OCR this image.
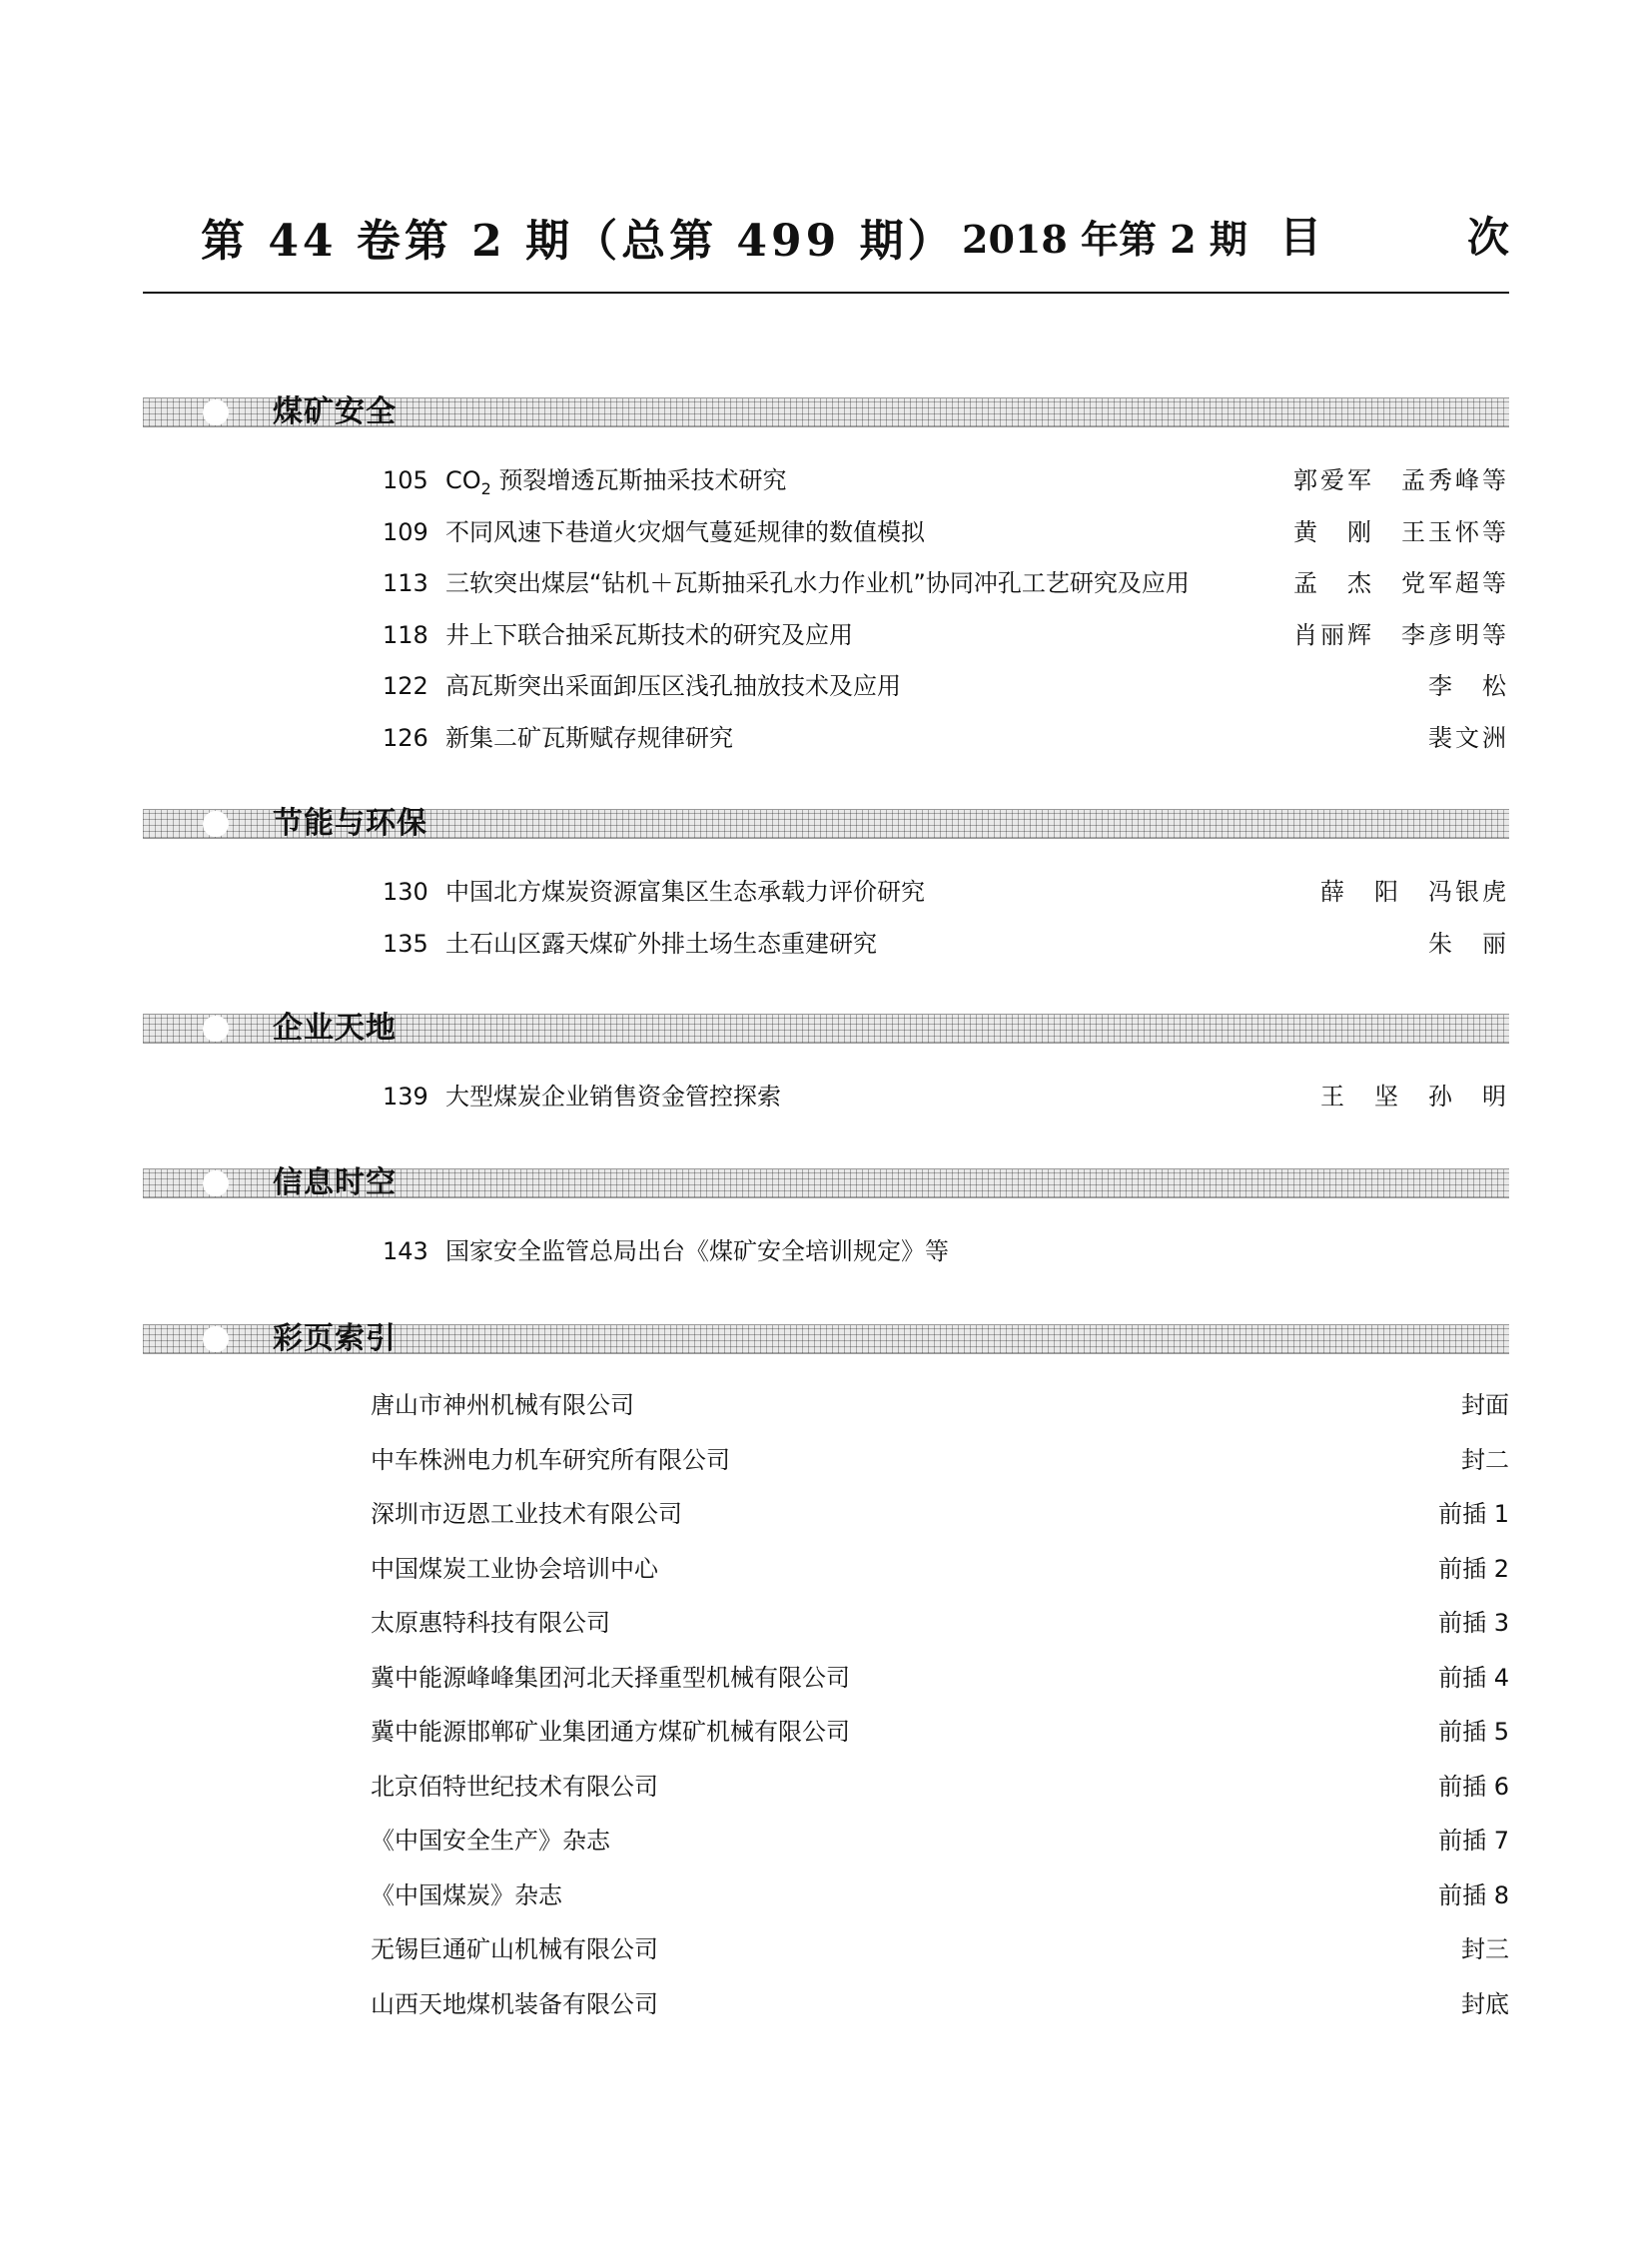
第 44 卷第 2 期（总第 499 期） 2018 年第 2 期 目	次
煤矿安全
105 $CO_2$ 预裂增透瓦斯抽采技术研究	郭爱军　孟秀峰等
109 不同风速下巷道火灾烟气蔓延规律的数值模拟	黄　刚　王玉怀等
113 三软突出煤层“钻机＋瓦斯抽采孔水力作业机”协同冲孔工艺研究及应用	孟　杰　党军超等
118 井上下联合抽采瓦斯技术的研究及应用	肖丽辉　李彦明等
122 高瓦斯突出采面卸压区浅孔抽放技术及应用	李　松
126 新集二矿瓦斯赋存规律研究	裴文洲
节能与环保
130 中国北方煤炭资源富集区生态承载力评价研究	薛　阳　冯银虎
135 土石山区露天煤矿外排土场生态重建研究	朱　丽
企业天地
139 大型煤炭企业销售资金管控探索	王　坚　孙　明
信息时空
143 国家安全监管总局出台《煤矿安全培训规定》等
彩页索引
唐山市神州机械有限公司	封面
中车株洲电力机车研究所有限公司	封二
深圳市迈恩工业技术有限公司	前插 1
中国煤炭工业协会培训中心	前插 2
太原惠特科技有限公司	前插 3
冀中能源峰峰集团河北天择重型机械有限公司	前插 4
冀中能源邯郸矿业集团通方煤矿机械有限公司	前插 5
北京佰特世纪技术有限公司	前插 6
《中国安全生产》杂志	前插 7
《中国煤炭》杂志	前插 8
无锡巨通矿山机械有限公司	封三
山西天地煤机装备有限公司	封底
